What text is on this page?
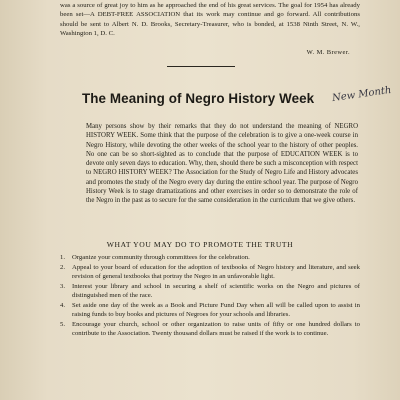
was a source of great joy to him as he approached the end of his great services. The goal for 1954 has already been set—A DEBT-FREE ASSOCIATION that its work may continue and go forward. All contributions should be sent to Albert N. D. Brooks, Secretary-Treasurer, who is bonded, at 1538 Ninth Street, N. W., Washington 1, D. C.

W. M. Brewer.
The Meaning of Negro History Week New Month

Many persons show by their remarks that they do not understand the meaning of NEGRO HISTORY WEEK. Some think that the purpose of the celebration is to give a one-week course in Negro History, while devoting the other weeks of the school year to the history of other peoples. No one can be so short-sighted as to conclude that the purpose of EDUCATION WEEK is to devote only seven days to education. Why, then, should there be such a misconception with respect to NEGRO HISTORY WEEK? The Association for the Study of Negro Life and History advocates and promotes the study of the Negro every day during the entire school year. The purpose of Negro History Week is to stage dramatizations and other exercises in order so to demonstrate the role of the Negro in the past as to secure for the same consideration in the curriculum that we give others.

WHAT YOU MAY DO TO PROMOTE THE TRUTH
1. Organize your community through committees for the celebration.
2. Appeal to your board of education for the adoption of textbooks of Negro history and literature, and seek revision of general textbooks that portray the Negro in an unfavorable light.
3. Interest your library and school in securing a shelf of scientific works on the Negro and pictures of distinguished men of the race.
4. Set aside one day of the week as a Book and Picture Fund Day when all will be called upon to assist in raising funds to buy books and pictures of Negroes for your schools and libraries.
5. Encourage your church, school or other organization to raise units of fifty or one hundred dollars to contribute to the Association. Twenty thousand dollars must be raised if the work is to continue.
